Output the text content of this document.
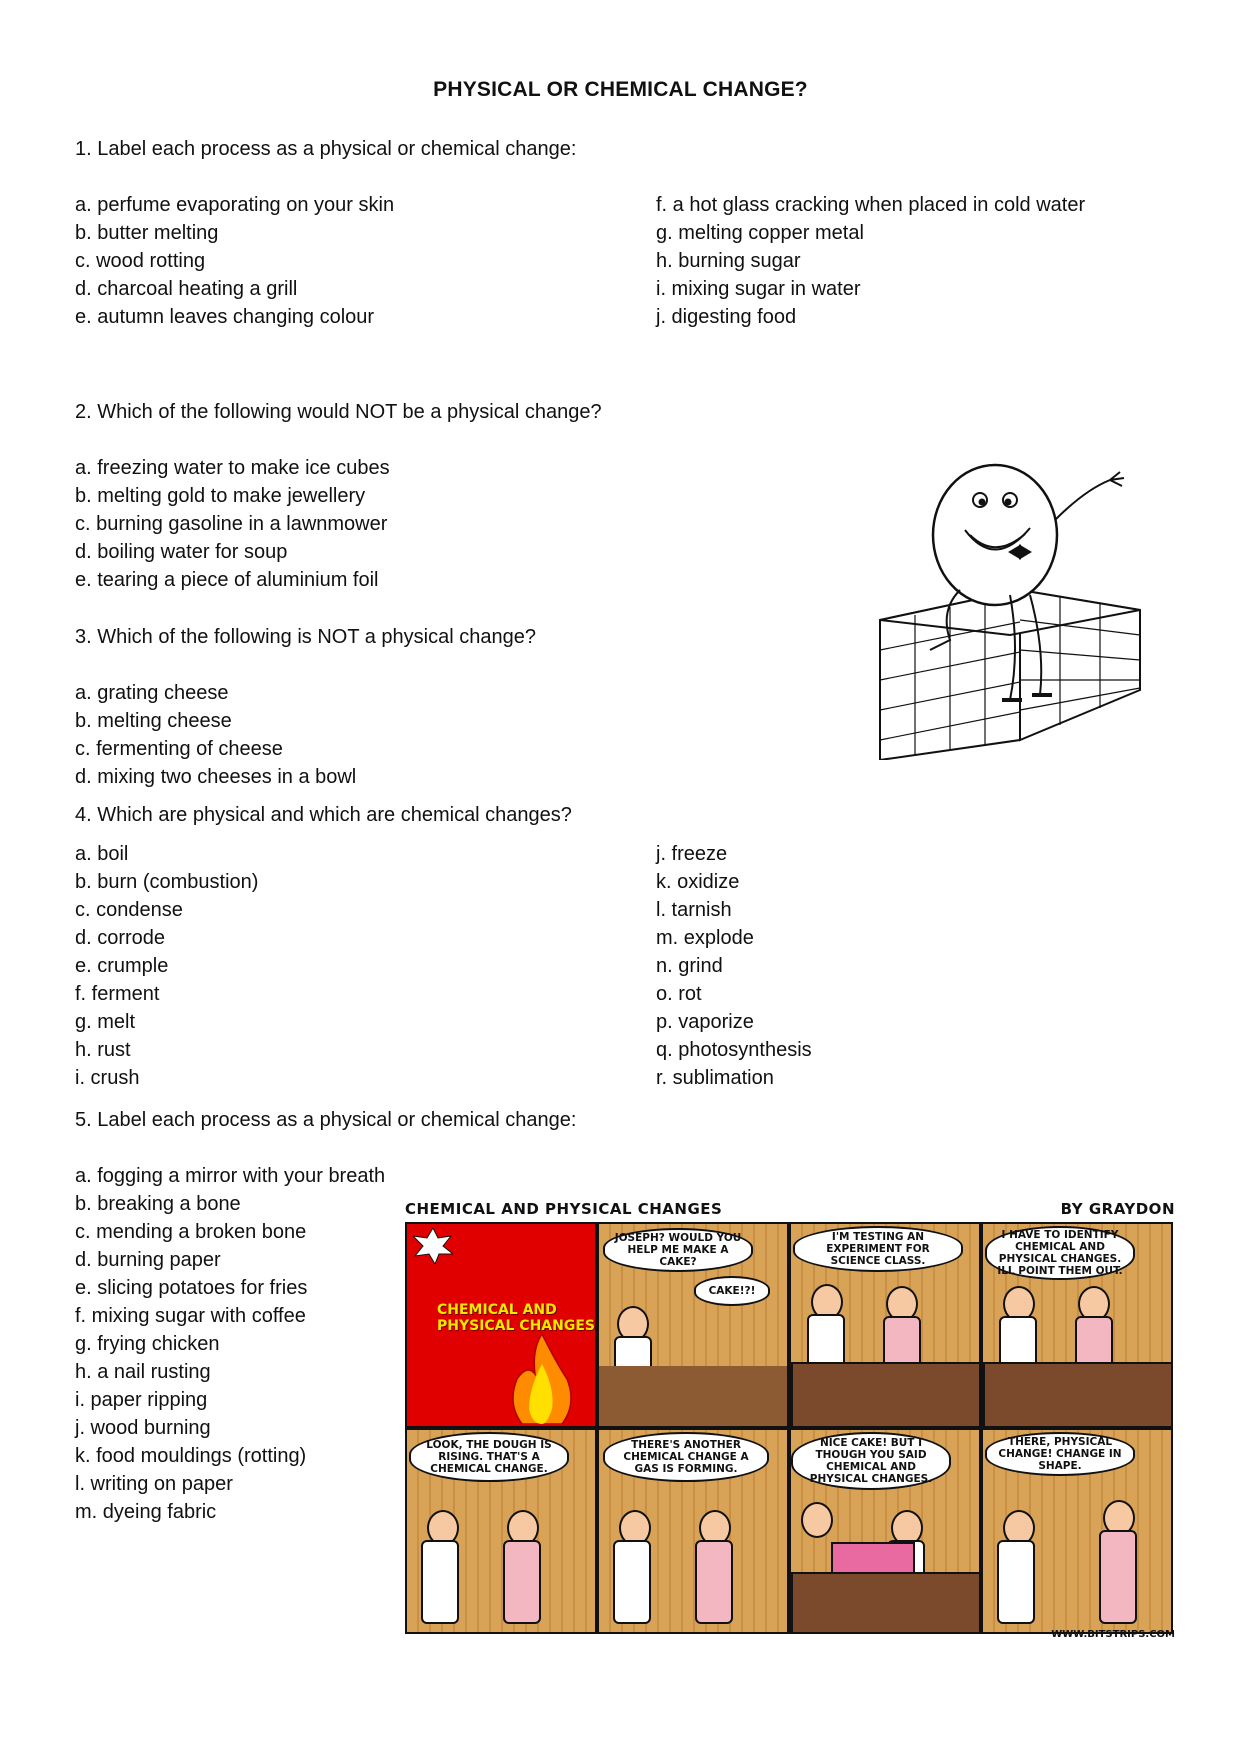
PHYSICAL OR CHEMICAL CHANGE?
1. Label each process as a physical or chemical change:
a. perfume evaporating on your skin
b. butter melting
c. wood rotting
d. charcoal heating a grill
e. autumn leaves changing colour
f. a hot glass cracking when placed in cold water
g. melting copper metal
h. burning sugar
i. mixing sugar in water
j. digesting food
2. Which of the following would NOT be a physical change?
a. freezing water to make ice cubes
b. melting gold to make jewellery
c. burning gasoline in a lawnmower
d. boiling water for soup
e. tearing a piece of aluminium foil
3. Which of the following is NOT a physical change?
a. grating cheese
b. melting cheese
c. fermenting of cheese
d. mixing two cheeses in a bowl
4. Which are physical and which are chemical changes?
a. boil
b. burn (combustion)
c. condense
d. corrode
e. crumple
f. ferment
g. melt
h. rust
i. crush
j. freeze
k. oxidize
l. tarnish
m. explode
n. grind
o. rot
p. vaporize
q. photosynthesis
r. sublimation
5. Label each process as a physical or chemical change:
a. fogging a mirror with your breath
b. breaking a bone
c. mending a broken bone
d. burning paper
e. slicing potatoes for fries
f. mixing sugar with coffee
g. frying chicken
h. a nail rusting
i. paper ripping
j. wood burning
k. food mouldings (rotting)
l. writing on paper
m. dyeing fabric
CHEMICAL AND PHYSICAL CHANGES	BY GRAYDON
CHEMICAL AND PHYSICAL CHANGES
JOSEPH? WOULD YOU HELP ME MAKE A CAKE?
CAKE!?!
I'M TESTING AN EXPERIMENT FOR SCIENCE CLASS.
I HAVE TO IDENTIFY CHEMICAL AND PHYSICAL CHANGES. ILL POINT THEM OUT.
LOOK, THE DOUGH IS RISING. THAT'S A CHEMICAL CHANGE.
THERE'S ANOTHER CHEMICAL CHANGE A GAS IS FORMING.
NICE CAKE! BUT I THOUGH YOU SAID CHEMICAL AND PHYSICAL CHANGES.
THERE, PHYSICAL CHANGE! CHANGE IN SHAPE.
WWW.BITSTRIPS.COM
